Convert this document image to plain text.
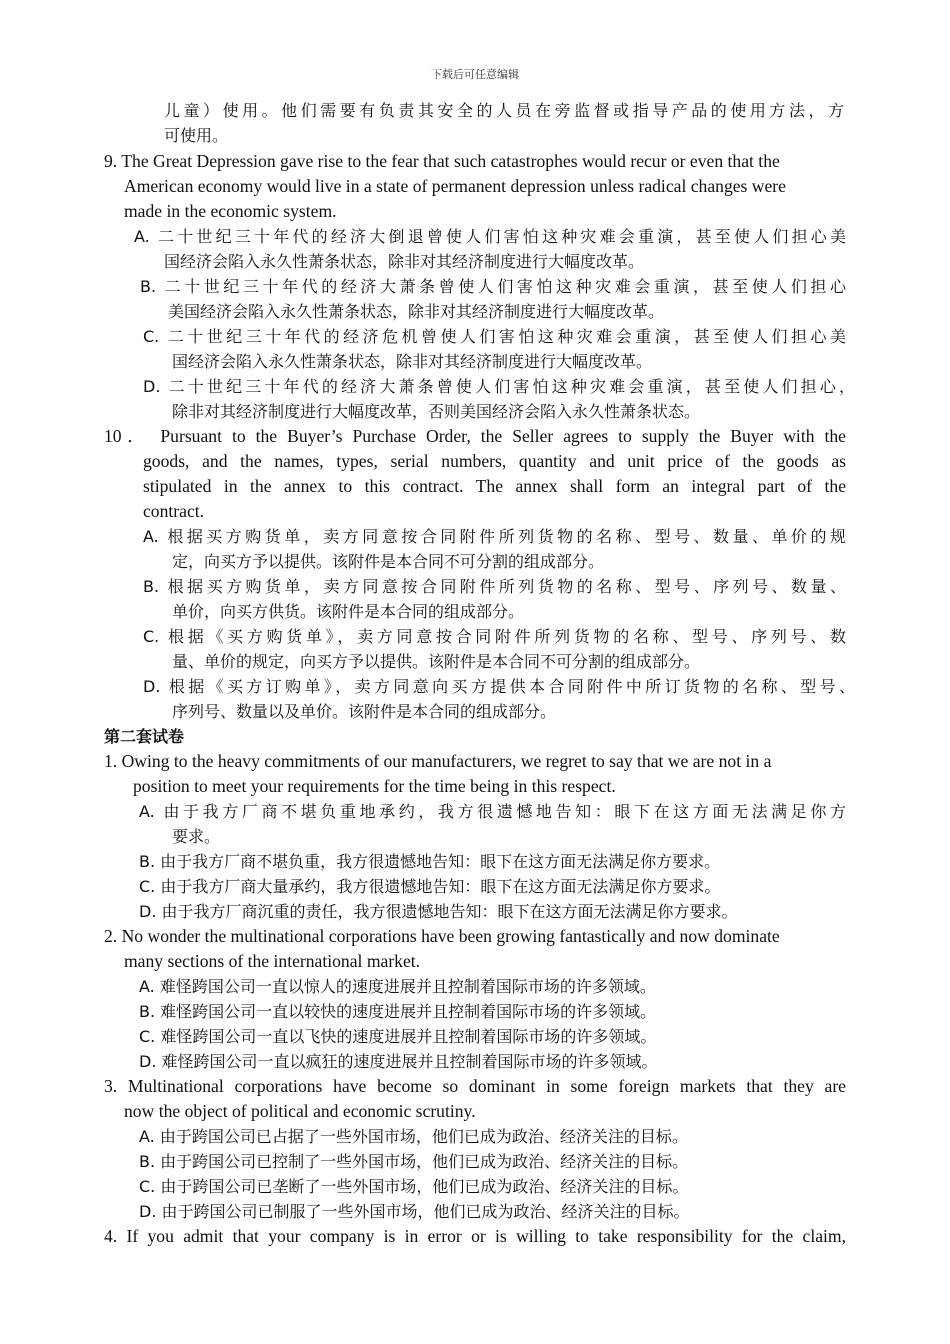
下载后可任意编辑
儿童）使用。他们需要有负责其安全的人员在旁监督或指导产品的使用方法，方
可使用。
9. The Great Depression gave rise to the fear that such catastrophes would recur or even that the
American economy would live in a state of permanent depression unless radical changes were
made in the economic system.
A. 二十世纪三十年代的经济大倒退曾使人们害怕这种灾难会重演，甚至使人们担心美
国经济会陷入永久性萧条状态，除非对其经济制度进行大幅度改革。
B. 二十世纪三十年代的经济大萧条曾使人们害怕这种灾难会重演，甚至使人们担心
美国经济会陷入永久性萧条状态，除非对其经济制度进行大幅度改革。
C. 二十世纪三十年代的经济危机曾使人们害怕这种灾难会重演，甚至使人们担心美
国经济会陷入永久性萧条状态，除非对其经济制度进行大幅度改革。
D. 二十世纪三十年代的经济大萧条曾使人们害怕这种灾难会重演，甚至使人们担心，
除非对其经济制度进行大幅度改革，否则美国经济会陷入永久性萧条状态。
10． Pursuant to the Buyer’s Purchase Order, the Seller agrees to supply the Buyer with the
goods, and the names, types, serial numbers, quantity and unit price of the goods as
stipulated in the annex to this contract. The annex shall form an integral part of the
contract.
A. 根据买方购货单，卖方同意按合同附件所列货物的名称、型号、数量、单价的规
定，向买方予以提供。该附件是本合同不可分割的组成部分。
B. 根据买方购货单，卖方同意按合同附件所列货物的名称、型号、序列号、数量、
单价，向买方供货。该附件是本合同的组成部分。
C. 根据《买方购货单》，卖方同意按合同附件所列货物的名称、型号、序列号、数
量、单价的规定，向买方予以提供。该附件是本合同不可分割的组成部分。
D. 根据《买方订购单》，卖方同意向买方提供本合同附件中所订货物的名称、型号、
序列号、数量以及单价。该附件是本合同的组成部分。
第二套试卷
1. Owing to the heavy commitments of our manufacturers, we regret to say that we are not in a
position to meet your requirements for the time being in this respect.
A. 由于我方厂商不堪负重地承约，我方很遗憾地告知：眼下在这方面无法满足你方
要求。
B. 由于我方厂商不堪负重，我方很遗憾地告知：眼下在这方面无法满足你方要求。
C. 由于我方厂商大量承约，我方很遗憾地告知：眼下在这方面无法满足你方要求。
D. 由于我方厂商沉重的责任，我方很遗憾地告知：眼下在这方面无法满足你方要求。
2. No wonder the multinational corporations have been growing fantastically and now dominate
many sections of the international market.
A. 难怪跨国公司一直以惊人的速度进展并且控制着国际市场的许多领域。
B. 难怪跨国公司一直以较快的速度进展并且控制着国际市场的许多领域。
C. 难怪跨国公司一直以飞快的速度进展并且控制着国际市场的许多领域。
D. 难怪跨国公司一直以疯狂的速度进展并且控制着国际市场的许多领域。
3. Multinational corporations have become so dominant in some foreign markets that they are
now the object of political and economic scrutiny.
A. 由于跨国公司已占据了一些外国市场，他们已成为政治、经济关注的目标。
B. 由于跨国公司已控制了一些外国市场，他们已成为政治、经济关注的目标。
C. 由于跨国公司已垄断了一些外国市场，他们已成为政治、经济关注的目标。
D. 由于跨国公司已制服了一些外国市场，他们已成为政治、经济关注的目标。
4. If you admit that your company is in error or is willing to take responsibility for the claim,
